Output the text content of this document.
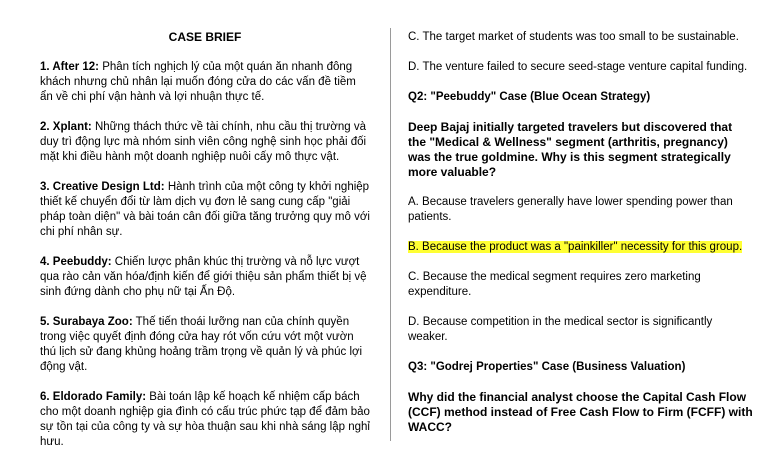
CASE BRIEF
1. After 12: Phân tích nghịch lý của một quán ăn nhanh đông khách nhưng chủ nhân lại muốn đóng cửa do các vấn đề tiềm ẩn về chi phí vận hành và lợi nhuận thực tế.
2. Xplant: Những thách thức về tài chính, nhu cầu thị trường và duy trì động lực mà nhóm sinh viên công nghệ sinh học phải đối mặt khi điều hành một doanh nghiệp nuôi cấy mô thực vật.
3. Creative Design Ltd: Hành trình của một công ty khởi nghiệp thiết kế chuyển đổi từ làm dịch vụ đơn lẻ sang cung cấp "giải pháp toàn diện" và bài toán cân đối giữa tăng trưởng quy mô với chi phí nhân sự.
4. Peebuddy: Chiến lược phân khúc thị trường và nỗ lực vượt qua rào cản văn hóa/định kiến để giới thiệu sản phẩm thiết bị vệ sinh đứng dành cho phụ nữ tại Ấn Độ.
5. Surabaya Zoo: Thế tiến thoái lưỡng nan của chính quyền trong việc quyết định đóng cửa hay rót vốn cứu vớt một vườn thú lịch sử đang khủng hoảng trầm trọng về quản lý và phúc lợi động vật.
6. Eldorado Family: Bài toán lập kế hoạch kế nhiệm cấp bách cho một doanh nghiệp gia đình có cấu trúc phức tạp để đảm bảo sự tồn tại của công ty và sự hòa thuận sau khi nhà sáng lập nghỉ hưu.
C. The target market of students was too small to be sustainable.
D. The venture failed to secure seed-stage venture capital funding.
Q2: "Peebuddy" Case (Blue Ocean Strategy)
Deep Bajaj initially targeted travelers but discovered that the "Medical & Wellness" segment (arthritis, pregnancy) was the true goldmine. Why is this segment strategically more valuable?
A. Because travelers generally have lower spending power than patients.
B. Because the product was a "painkiller" necessity for this group.
C. Because the medical segment requires zero marketing expenditure.
D. Because competition in the medical sector is significantly weaker.
Q3: "Godrej Properties" Case (Business Valuation)
Why did the financial analyst choose the Capital Cash Flow (CCF) method instead of Free Cash Flow to Firm (FCFF) with WACC?
